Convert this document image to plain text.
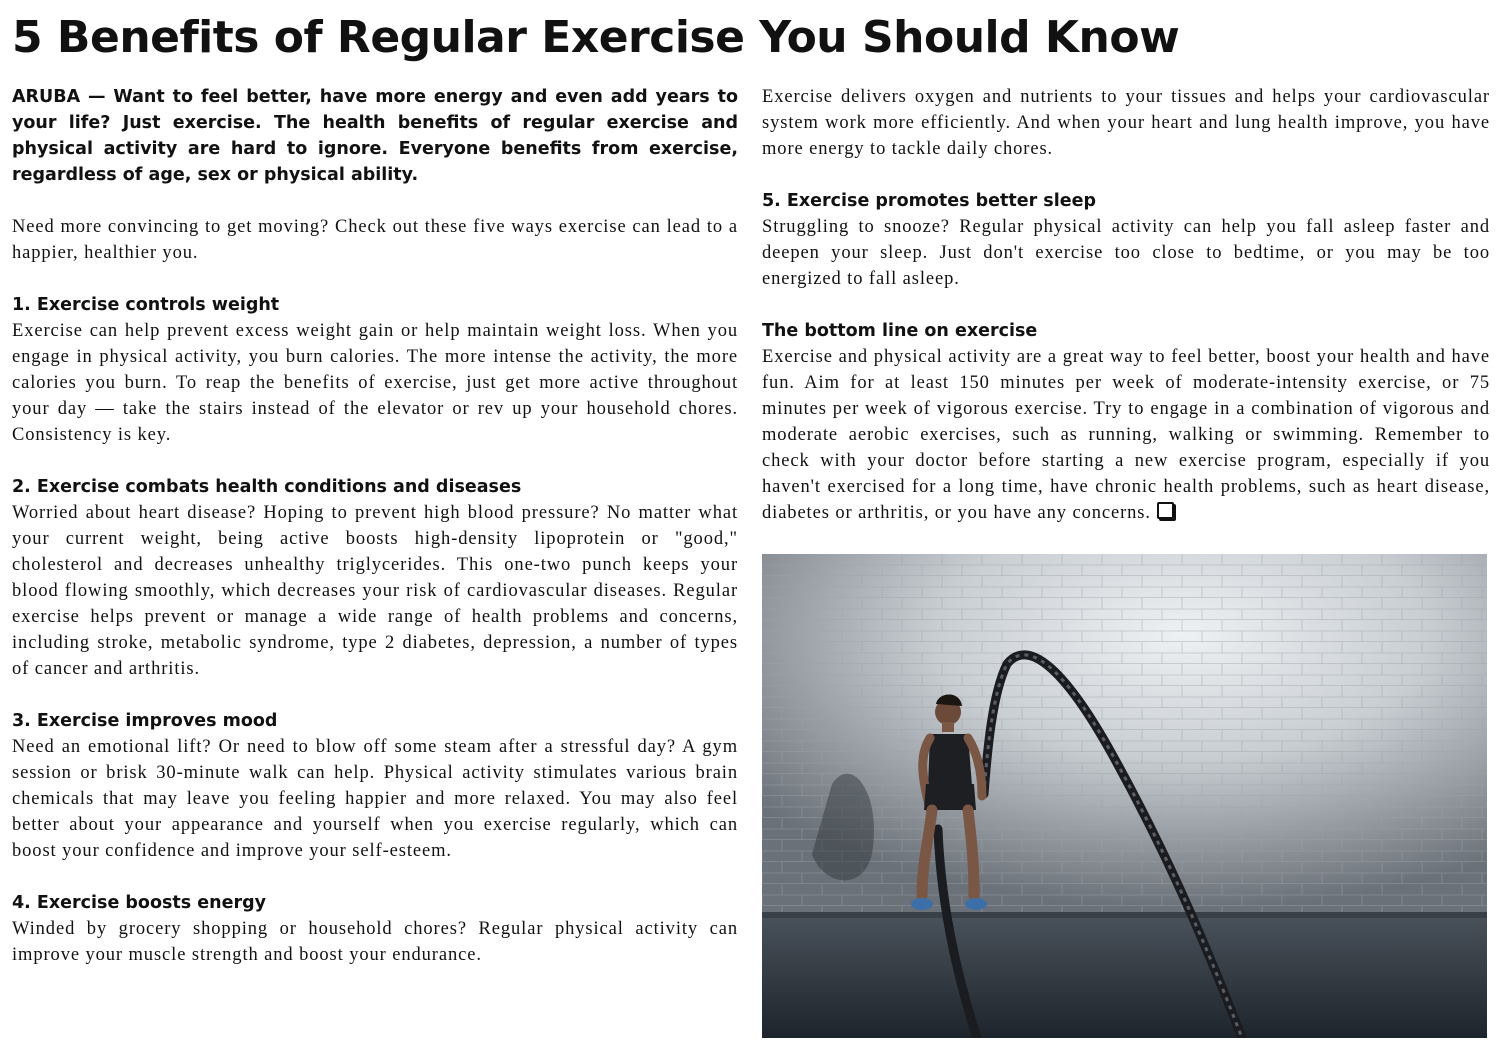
5 Benefits of Regular Exercise You Should Know

ARUBA — Want to feel better, have more energy and even add years to your life? Just exercise. The health benefits of regular exercise and physical activity are hard to ignore. Everyone benefits from exercise, regardless of age, sex or physical ability.

Need more convincing to get moving? Check out these five ways exercise can lead to a happier, healthier you.

1. Exercise controls weight

Exercise can help prevent excess weight gain or help maintain weight loss. When you engage in physical activity, you burn calories. The more intense the activity, the more calories you burn. To reap the benefits of exercise, just get more active throughout your day — take the stairs instead of the elevator or rev up your household chores. Consistency is key.

2. Exercise combats health conditions and diseases

Worried about heart disease? Hoping to prevent high blood pressure? No matter what your current weight, being active boosts high-density lipoprotein or "good," cholesterol and decreases unhealthy triglycerides. This one-two punch keeps your blood flowing smoothly, which decreases your risk of cardiovascular diseases. Regular exercise helps prevent or manage a wide range of health problems and concerns, including stroke, metabolic syndrome, type 2 diabetes, depression, a number of types of cancer and arthritis.

3. Exercise improves mood

Need an emotional lift? Or need to blow off some steam after a stressful day? A gym session or brisk 30-minute walk can help. Physical activity stimulates various brain chemicals that may leave you feeling happier and more relaxed. You may also feel better about your appearance and yourself when you exercise regularly, which can boost your confidence and improve your self-esteem.

4. Exercise boosts energy

Winded by grocery shopping or household chores? Regular physical activity can improve your muscle strength and boost your endurance.

Exercise delivers oxygen and nutrients to your tissues and helps your cardiovascular system work more efficiently. And when your heart and lung health improve, you have more energy to tackle daily chores.

5. Exercise promotes better sleep

Struggling to snooze? Regular physical activity can help you fall asleep faster and deepen your sleep. Just don't exercise too close to bedtime, or you may be too energized to fall asleep.

The bottom line on exercise

Exercise and physical activity are a great way to feel better, boost your health and have fun. Aim for at least 150 minutes per week of moderate-intensity exercise, or 75 minutes per week of vigorous exercise. Try to engage in a combination of vigorous and moderate aerobic exercises, such as running, walking or swimming. Remember to check with your doctor before starting a new exercise program, especially if you haven't exercised for a long time, have chronic health problems, such as heart disease, diabetes or arthritis, or you have any concerns.
